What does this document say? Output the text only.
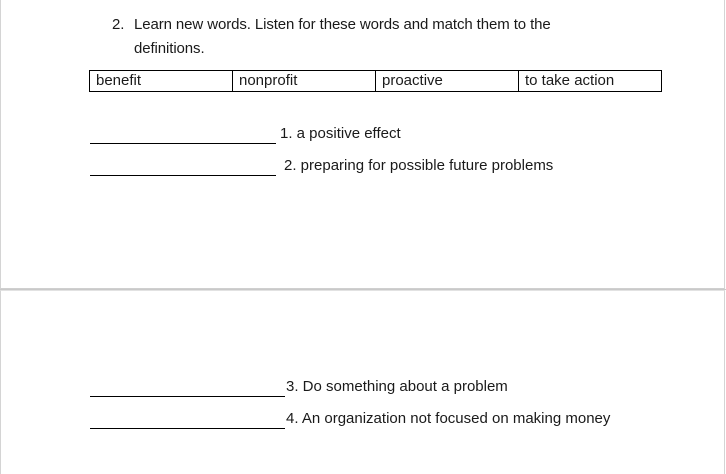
2. Learn new words. Listen for these words and match them to the
definitions.
benefit	nonprofit	proactive	to take action
1. a positive effect
2. preparing for possible future problems
3. Do something about a problem
4. An organization not focused on making money
